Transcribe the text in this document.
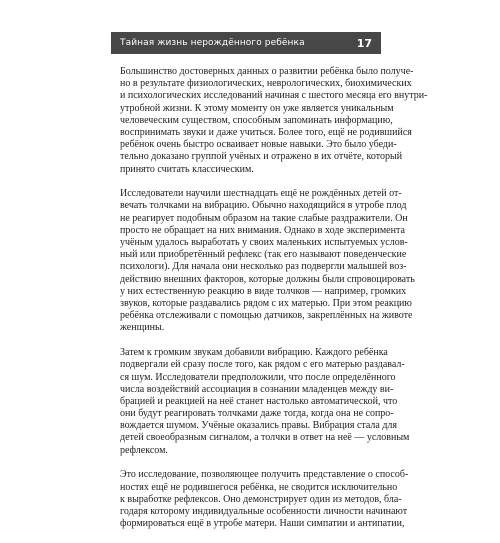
Тайная жизнь нерождённого ребёнка	17

Большинство достоверных данных о развитии ребёнка было получе-
но в результате физиологических, неврологических, биохимических
и психологических исследований начиная с шестого месяца его внутри-
утробной жизни. К этому моменту он уже является уникальным
человеческим существом, способным запоминать информацию,
воспринимать звуки и даже учиться. Более того, ещё не родившийся
ребёнок очень быстро осваивает новые навыки. Это было убеди-
тельно доказано группой учёных и отражено в их отчёте, который
принято считать классическим.

Исследователи научили шестнадцать ещё не рождённых детей от-
вечать толчками на вибрацию. Обычно находящийся в утробе плод
не реагирует подобным образом на такие слабые раздражители. Он
просто не обращает на них внимания. Однако в ходе эксперимента
учёным удалось выработать у своих маленьких испытуемых услов-
ный или приобретённый рефлекс (так его называют поведенческие
психологи). Для начала они несколько раз подвергли малышей воз-
действию внешних факторов, которые должны были спровоцировать
у них естественную реакцию в виде толчков — например, громких
звуков, которые раздавались рядом с их матерью. При этом реакцию
ребёнка отслеживали с помощью датчиков, закреплённых на животе
женщины.

Затем к громким звукам добавили вибрацию. Каждого ребёнка
подвергали ей сразу после того, как рядом с его матерью раздавал-
ся шум. Исследователи предположили, что после определённого
числа воздействий ассоциация в сознании младенцев между ви-
брацией и реакцией на неё станет настолько автоматической, что
они будут реагировать толчками даже тогда, когда она не сопро-
вождается шумом. Учёные оказались правы. Вибрация стала для
детей своеобразным сигналом, а толчки в ответ на неё — условным
рефлексом.

Это исследование, позволяющее получить представление о способ-
ностях ещё не родившегося ребёнка, не сводится исключительно
к выработке рефлексов. Оно демонстрирует один из методов, бла-
годаря которому индивидуальные особенности личности начинают
формироваться ещё в утробе матери. Наши симпатии и антипатии,
